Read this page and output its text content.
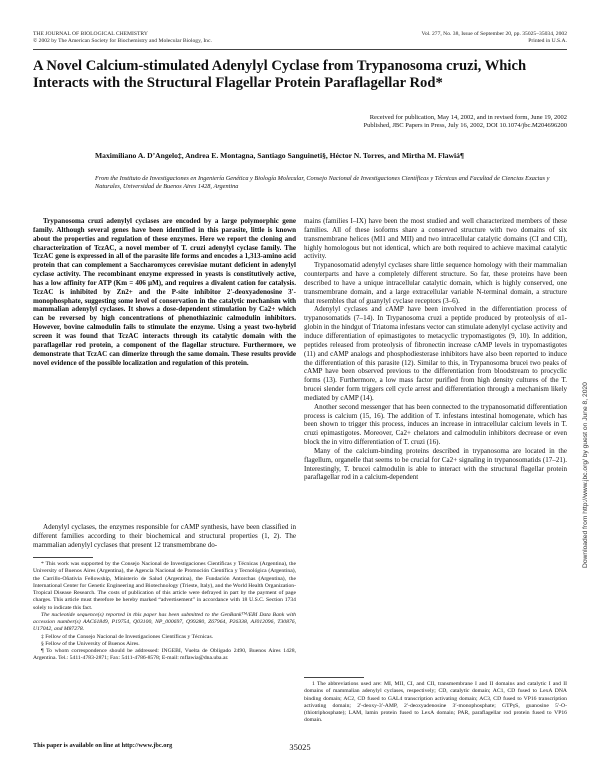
THE JOURNAL OF BIOLOGICAL CHEMISTRY
© 2002 by The American Society for Biochemistry and Molecular Biology, Inc.
Vol. 277, No. 38, Issue of September 20, pp. 35025–35034, 2002
Printed in U.S.A.
A Novel Calcium-stimulated Adenylyl Cyclase from Trypanosoma cruzi, Which Interacts with the Structural Flagellar Protein Paraflagellar Rod*
Received for publication, May 14, 2002, and in revised form, June 19, 2002
Published, JBC Papers in Press, July 16, 2002, DOI 10.1074/jbc.M204696200
Maximiliano A. D’Angelo‡, Andrea E. Montagna, Santiago Sanguineti§, Héctor N. Torres, and Mirtha M. Flawiá¶
From the Instituto de Investigaciones en Ingeniería Genética y Biología Molecular, Consejo Nacional de Investigaciones Científicas y Técnicas and Facultad de Ciencias Exactas y Naturales, Universidad de Buenos Aires 1428, Argentina

Trypanosoma cruzi adenylyl cyclases are encoded by a large polymorphic gene family. Although several genes have been identified in this parasite, little is known about the properties and regulation of these enzymes. Here we report the cloning and characterization of TczAC, a novel member of T. cruzi adenylyl cyclase family. The TczAC gene is expressed in all of the parasite life forms and encodes a 1,313-amino acid protein that can complement a Saccharomyces cerevisiae mutant deficient in adenylyl cyclase activity. The recombinant enzyme expressed in yeasts is constitutively active, has a low affinity for ATP (Km = 406 µM), and requires a divalent cation for catalysis. TczAC is inhibited by Zn2+ and the P-site inhibitor 2′-deoxyadenosine 3′-monophosphate, suggesting some level of conservation in the catalytic mechanism with mammalian adenylyl cyclases. It shows a dose-dependent stimulation by Ca2+ which can be reversed by high concentrations of phenothiazinic calmodulin inhibitors. However, bovine calmodulin fails to stimulate the enzyme. Using a yeast two-hybrid screen it was found that TczAC interacts through its catalytic domain with the paraflagellar rod protein, a component of the flagellar structure. Furthermore, we demonstrate that TczAC can dimerize through the same domain. These results provide novel evidence of the possible localization and regulation of this protein.

Adenylyl cyclases, the enzymes responsible for cAMP synthesis, have been classified in different families according to their biochemical and structural properties (1, 2). The mammalian adenylyl cyclases that present 12 transmembrane do-

* This work was supported by the Consejo Nacional de Investigaciones Científicas y Técnicas (Argentina), the University of Buenos Aires (Argentina), the Agencia Nacional de Promoción Científica y Tecnológica (Argentina), the Carrillo-Oñativia Fellowship, Ministerio de Salud (Argentina), the Fundación Antorchas (Argentina), the International Center for Genetic Engineering and Biotechnology (Trieste, Italy), and the World Health Organization-Tropical Disease Research. The costs of publication of this article were defrayed in part by the payment of page charges. This article must therefore be hereby marked “advertisement” in accordance with 18 U.S.C. Section 1734 solely to indicate this fact.

The nucleotide sequence(s) reported in this paper has been submitted to the GenBank™/EBI Data Bank with accession number(s) AAC61849, P19754, Q03100, NP_000697, Q99280, Z67964, P26338, AJ012096, T30876, U17042, and M87278.

‡ Fellow of the Consejo Nacional de Investigaciones Científicas y Técnicas.

§ Fellow of the University of Buenos Aires.

¶ To whom correspondence should be addressed: INGEBI, Vuelta de Obligado 2490, Buenos Aires 1428, Argentina. Tel.: 5411-4783-2871; Fax: 5411-4786-8578; E-mail: mflawia@dna.uba.ar.

mains (families I–IX) have been the most studied and well characterized members of these families. All of these isoforms share a conserved structure with two domains of six transmembrane helices (MI1 and MII) and two intracellular catalytic domains (CI and CII), highly homologous but not identical, which are both required to achieve maximal catalytic activity.

Trypanosomatid adenylyl cyclases share little sequence homology with their mammalian counterparts and have a completely different structure. So far, these proteins have been described to have a unique intracellular catalytic domain, which is highly conserved, one transmembrane domain, and a large extracellular variable N-terminal domain, a structure that resembles that of guanylyl cyclase receptors (3–6).

Adenylyl cyclases and cAMP have been involved in the differentiation process of trypanosomatids (7–14). In Trypanosoma cruzi a peptide produced by proteolysis of α1-globin in the hindgut of Triatoma infestans vector can stimulate adenylyl cyclase activity and induce differentiation of epimastigotes to metacyclic trypomastigotes (9, 10). In addition, peptides released from proteolysis of fibronectin increase cAMP levels in trypomastigotes (11) and cAMP analogs and phosphodiesterase inhibitors have also been reported to induce the differentiation of this parasite (12). Similar to this, in Trypanosoma brucei two peaks of cAMP have been observed previous to the differentiation from bloodstream to procyclic forms (13). Furthermore, a low mass factor purified from high density cultures of the T. brucei slender form triggers cell cycle arrest and differentiation through a mechanism likely mediated by cAMP (14).

Another second messenger that has been connected to the trypanosomatid differentiation process is calcium (15, 16). The addition of T. infestans intestinal homogenate, which has been shown to trigger this process, induces an increase in intracellular calcium levels in T. cruzi epimastigotes. Moreover, Ca2+ chelators and calmodulin inhibitors decrease or even block the in vitro differentiation of T. cruzi (16).

Many of the calcium-binding proteins described in trypanosoma are located in the flagellum, organelle that seems to be crucial for Ca2+ signaling in trypanosomatids (17–21). Interestingly, T. brucei calmodulin is able to interact with the structural flagellar protein paraflagellar rod in a calcium-dependent

1 The abbreviations used are: MI, MII, CI, and CII, transmembrane I and II domains and catalytic I and II domains of mammalian adenylyl cyclases, respectively; CD, catalytic domain; AC1, CD fused to LexA DNA binding domain; AC2, CD fused to GAL4 transcription activating domain; AC3, CD fused to VP16 transcription activating domain; 2′-deoxy-3′-AMP, 2′-deoxyadenosine 3′-monophosphate; GTPγS, guanosine 5′-O-(thiotriphosphate); LAM, lamin protein fused to LexA domain; PAR, paraflagellar rod protein fused to VP16 domain.

This paper is available on line at http://www.jbc.org	35025
Downloaded from http://www.jbc.org/ by guest on June 8, 2020
